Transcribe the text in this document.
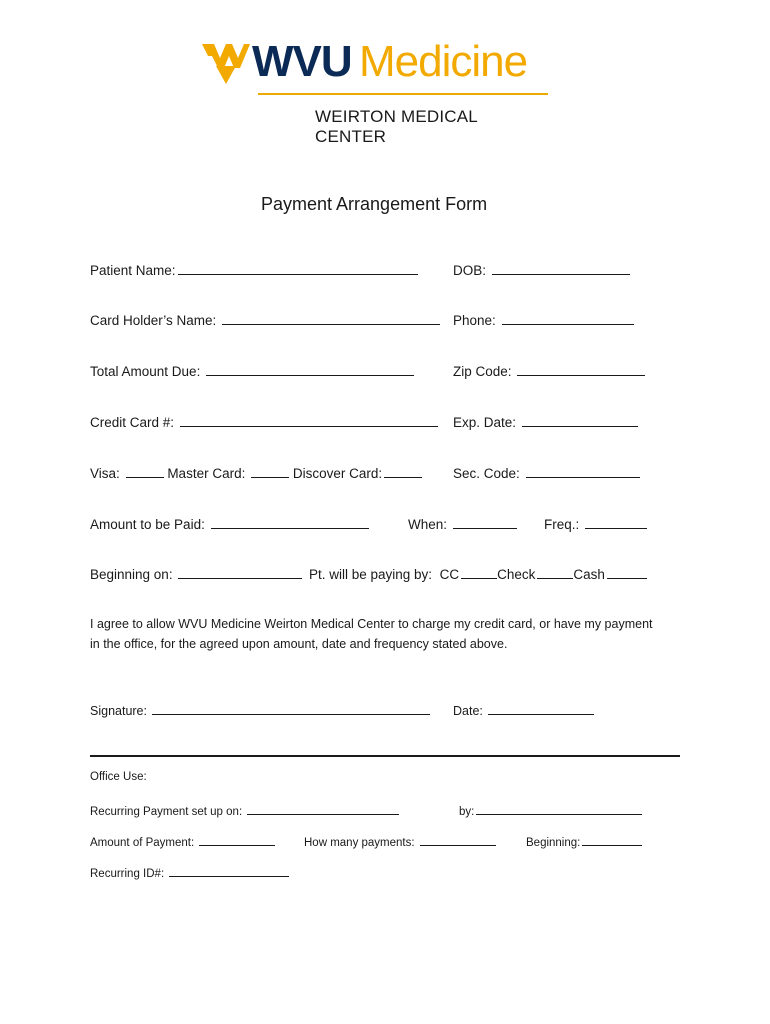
WVU Medicine
WEIRTON MEDICAL CENTER
Payment Arrangement Form
Patient Name:	DOB:
Card Holder’s Name:	Phone:
Total Amount Due:	Zip Code:
Credit Card #:	Exp. Date:
Visa:	Master Card:	Discover Card:	Sec. Code:
Amount to be Paid:	When:	Freq.:
Beginning on:	Pt. will be paying by: CC	Check	Cash
I agree to allow WVU Medicine Weirton Medical Center to charge my credit card, or have my payment
in the office, for the agreed upon amount, date and frequency stated above.
Signature:	Date:
Office Use:
Recurring Payment set up on:	by:
Amount of Payment:	How many payments:	Beginning:
Recurring ID#:
